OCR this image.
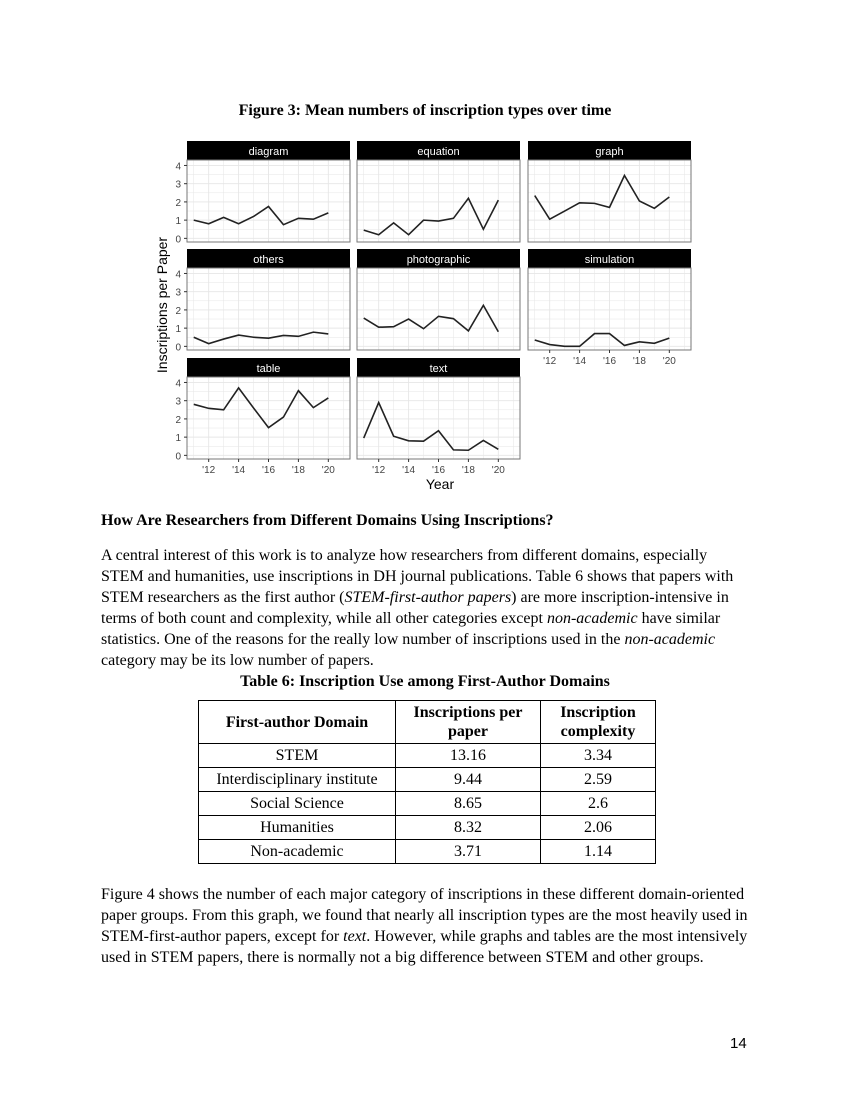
Figure 3: Mean numbers of inscription types over time
diagram
0
1
2
3
4
equation	graph
others
0
1
2
3
4
photographic	simulation
'12 '14 '16 '18 '20
table
0
1
2
3
4
'12 '14 '16 '18 '20
text
'12 '14 '16 '18 '20
Year
Inscriptions per Paper
How Are Researchers from Different Domains Using Inscriptions?
A central interest of this work is to analyze how researchers from different domains, especially STEM and humanities, use inscriptions in DH journal publications. Table 6 shows that papers with STEM researchers as the first author (STEM-first-author papers) are more inscription-intensive in terms of both count and complexity, while all other categories except non-academic have similar statistics. One of the reasons for the really low number of inscriptions used in the non-academic category may be its low number of papers.
Table 6: Inscription Use among First-Author Domains
First-author Domain	Inscriptions per paper	Inscription complexity
STEM	13.16	3.34
Interdisciplinary institute	9.44	2.59
Social Science	8.65	2.6
Humanities	8.32	2.06
Non-academic	3.71	1.14
Figure 4 shows the number of each major category of inscriptions in these different domain-oriented paper groups. From this graph, we found that nearly all inscription types are the most heavily used in STEM-first-author papers, except for text. However, while graphs and tables are the most intensively used in STEM papers, there is normally not a big difference between STEM and other groups.
14
